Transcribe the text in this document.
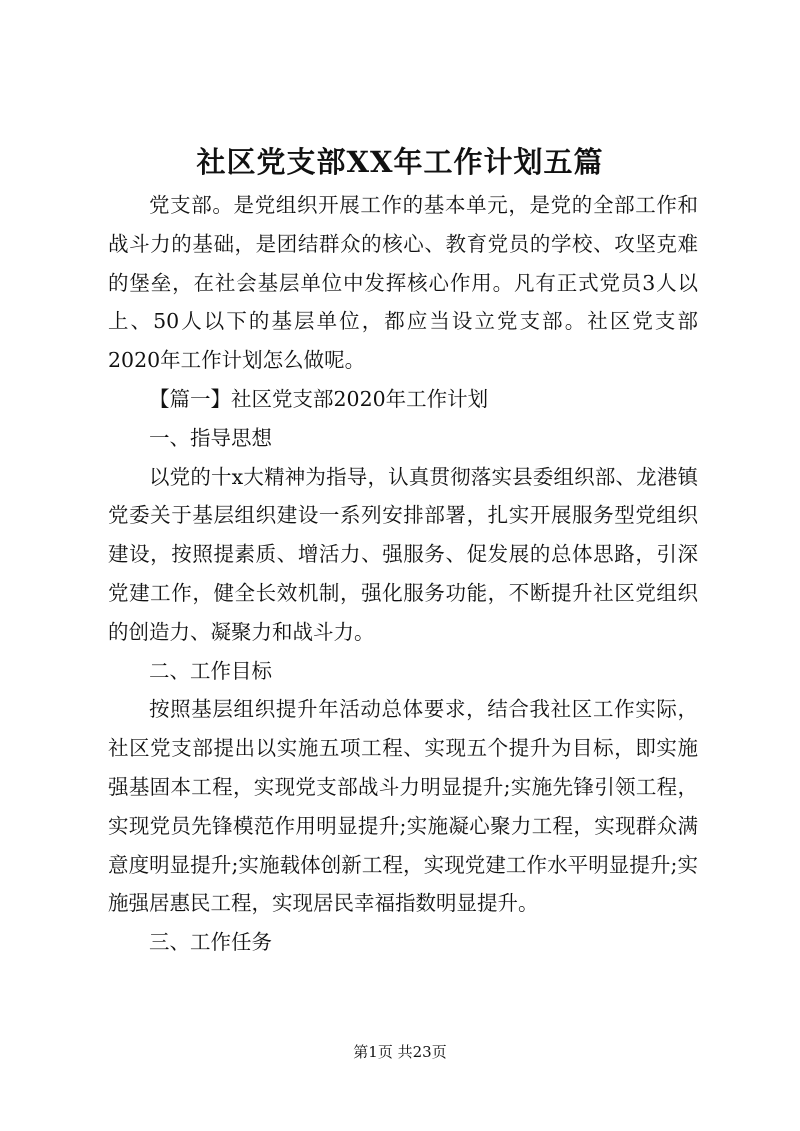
社区党支部XX年工作计划五篇

党支部。是党组织开展工作的基本单元，是党的全部工作和战斗力的基础，是团结群众的核心、教育党员的学校、攻坚克难的堡垒，在社会基层单位中发挥核心作用。凡有正式党员3人以上、50人以下的基层单位，都应当设立党支部。社区党支部2020年工作计划怎么做呢。

【篇一】社区党支部2020年工作计划

一、指导思想

以党的十x大精神为指导，认真贯彻落实县委组织部、龙港镇党委关于基层组织建设一系列安排部署，扎实开展服务型党组织建设，按照提素质、增活力、强服务、促发展的总体思路，引深党建工作，健全长效机制，强化服务功能，不断提升社区党组织的创造力、凝聚力和战斗力。

二、工作目标

按照基层组织提升年活动总体要求，结合我社区工作实际，社区党支部提出以实施五项工程、实现五个提升为目标，即实施强基固本工程，实现党支部战斗力明显提升;实施先锋引领工程，实现党员先锋模范作用明显提升;实施凝心聚力工程，实现群众满意度明显提升;实施载体创新工程，实现党建工作水平明显提升;实施强居惠民工程，实现居民幸福指数明显提升。

三、工作任务

第1页 共23页
